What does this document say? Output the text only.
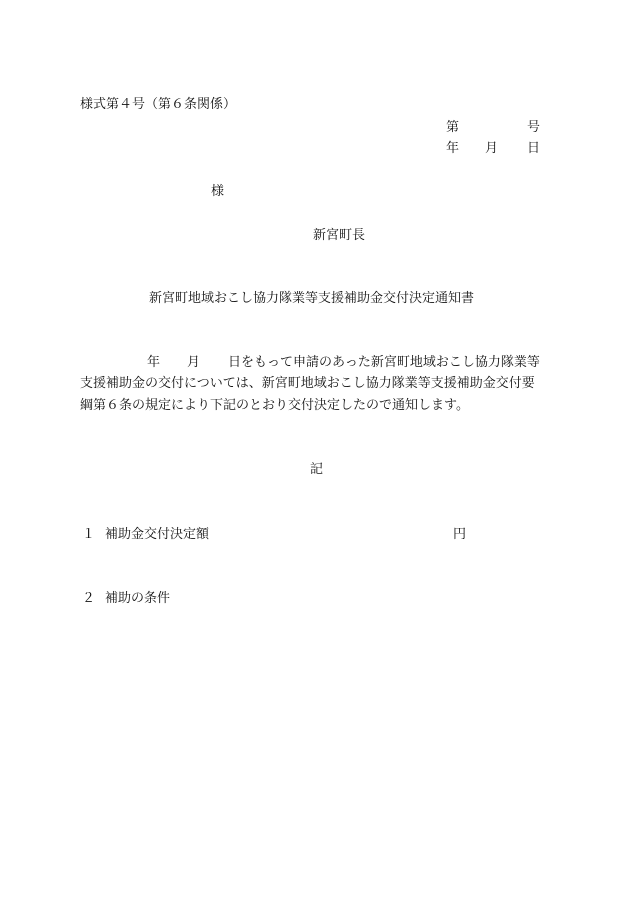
様式第４号（第６条関係）
第	号
年 月 日
様
新宮町長
新宮町地域おこし協力隊業等支援補助金交付決定通知書
年 月 日をもって申請のあった新宮町地域おこし協力隊業等
支援補助金の交付については、新宮町地域おこし協力隊業等支援補助金交付要
綱第６条の規定により下記のとおり交付決定したので通知します。
記
１ 補助金交付決定額	円
２ 補助の条件
